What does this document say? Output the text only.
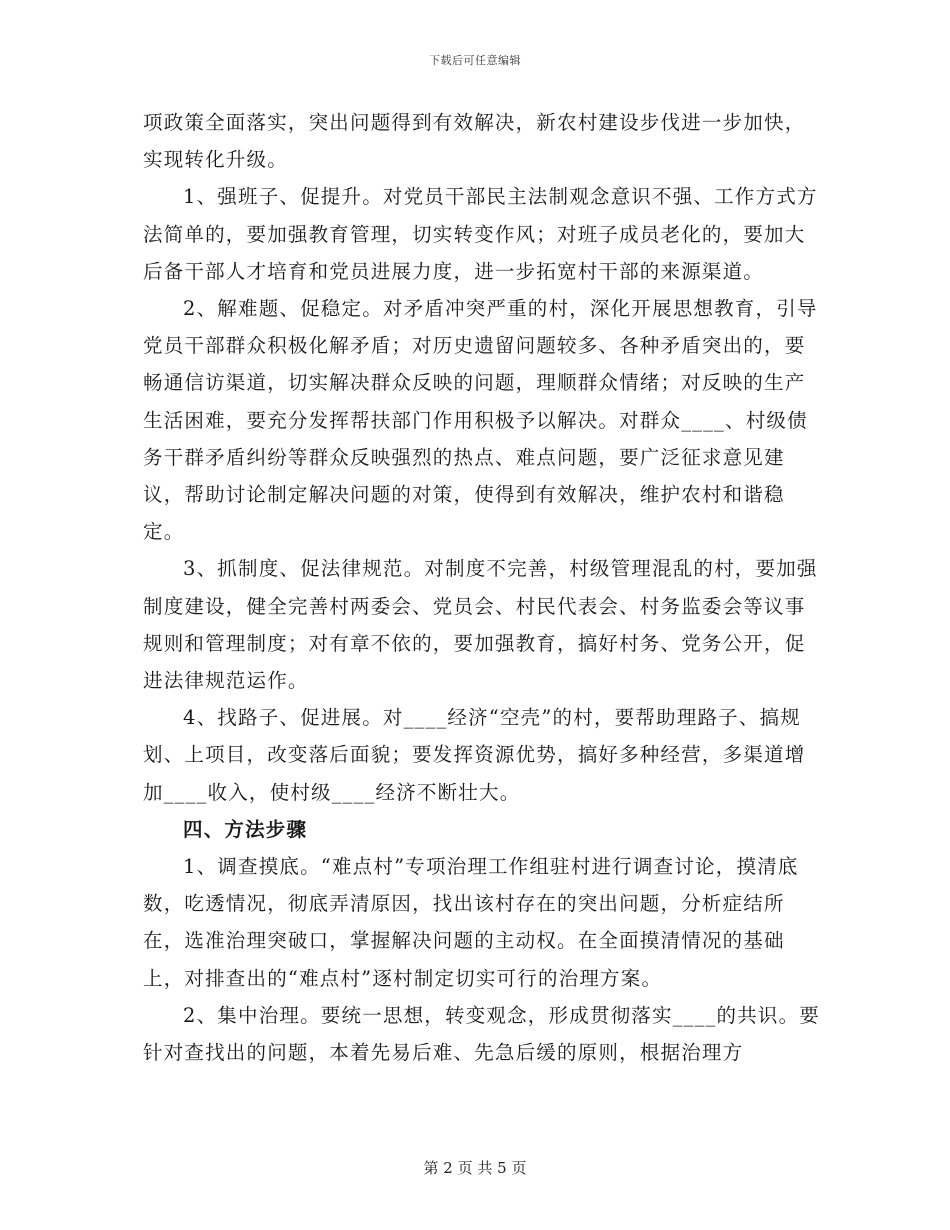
下载后可任意编辑

项政策全面落实，突出问题得到有效解决，新农村建设步伐进一步加快，实现转化升级。

1、强班子、促提升。对党员干部民主法制观念意识不强、工作方式方法简单的，要加强教育管理，切实转变作风；对班子成员老化的，要加大后备干部人才培育和党员进展力度，进一步拓宽村干部的来源渠道。

2、解难题、促稳定。对矛盾冲突严重的村，深化开展思想教育，引导党员干部群众积极化解矛盾；对历史遗留问题较多、各种矛盾突出的，要畅通信访渠道，切实解决群众反映的问题，理顺群众情绪；对反映的生产生活困难，要充分发挥帮扶部门作用积极予以解决。对群众____、村级债务干群矛盾纠纷等群众反映强烈的热点、难点问题，要广泛征求意见建议，帮助讨论制定解决问题的对策，使得到有效解决，维护农村和谐稳定。

3、抓制度、促法律规范。对制度不完善，村级管理混乱的村，要加强制度建设，健全完善村两委会、党员会、村民代表会、村务监委会等议事规则和管理制度；对有章不依的，要加强教育，搞好村务、党务公开，促进法律规范运作。

4、找路子、促进展。对____经济“空壳”的村，要帮助理路子、搞规划、上项目，改变落后面貌；要发挥资源优势，搞好多种经营，多渠道增加____收入，使村级____经济不断壮大。

四、方法步骤

1、调查摸底。“难点村”专项治理工作组驻村进行调查讨论，摸清底数，吃透情况，彻底弄清原因，找出该村存在的突出问题，分析症结所在，选准治理突破口，掌握解决问题的主动权。在全面摸清情况的基础上，对排查出的“难点村”逐村制定切实可行的治理方案。

2、集中治理。要统一思想，转变观念，形成贯彻落实____的共识。要针对查找出的问题，本着先易后难、先急后缓的原则，根据治理方

第 2 页 共 5 页
